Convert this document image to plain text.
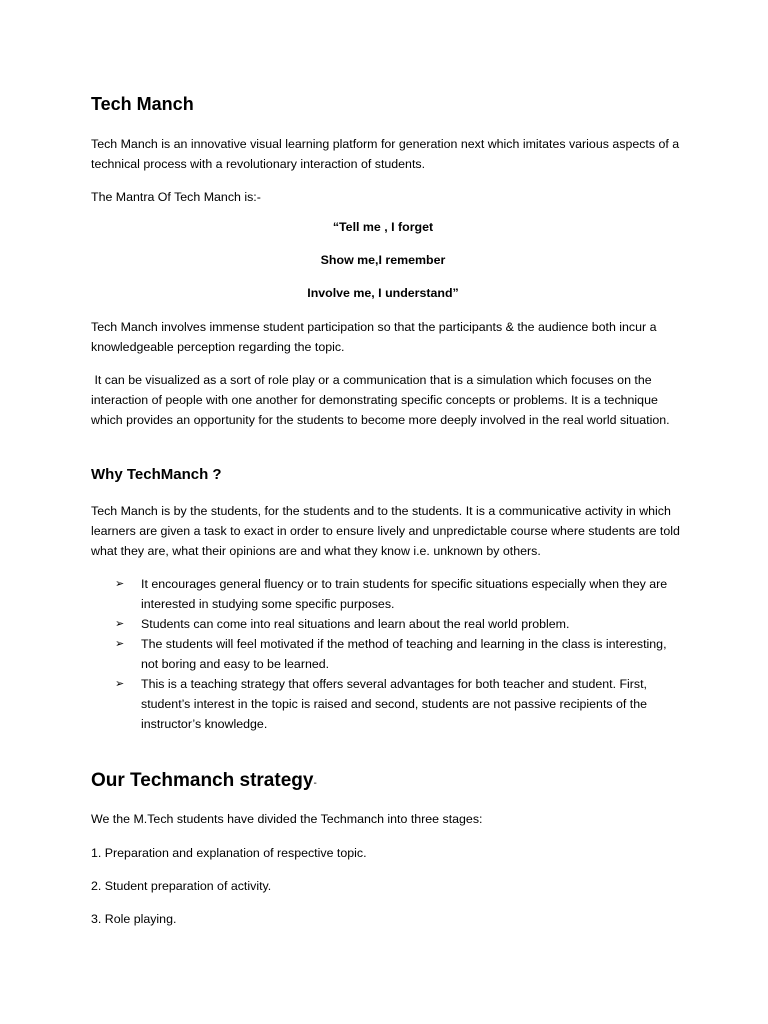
Tech Manch
Tech Manch is an innovative visual learning platform for generation next which imitates various aspects of a technical process with a revolutionary interaction of students.
The Mantra Of Tech Manch is:-
“Tell me , I forget
Show me,I remember
Involve me, I understand”
Tech Manch involves immense student participation so that the participants & the audience both incur a knowledgeable perception regarding the topic.
It can be visualized as a sort of role play or a communication that is a simulation which focuses on the interaction of people with one another for demonstrating specific concepts or problems. It is a technique which provides an opportunity for the students to become more deeply involved in the real world situation.
Why TechManch ?
Tech Manch is by the students, for the students and to the students. It is a communicative activity in which learners are given a task to exact in order to ensure lively and unpredictable course where students are told what they are, what their opinions are and what they know i.e. unknown by others.
➢ It encourages general fluency or to train students for specific situations especially when they are interested in studying some specific purposes.
➢ Students can come into real situations and learn about the real world problem.
➢ The students will feel motivated if the method of teaching and learning in the class is interesting, not boring and easy to be learned.
➢ This is a teaching strategy that offers several advantages for both teacher and student. First, student’s interest in the topic is raised and second, students are not passive recipients of the instructor’s knowledge.
Our Techmanch strategy-
We the M.Tech students have divided the Techmanch into three stages:
1. Preparation and explanation of respective topic.
2. Student preparation of activity.
3. Role playing.
